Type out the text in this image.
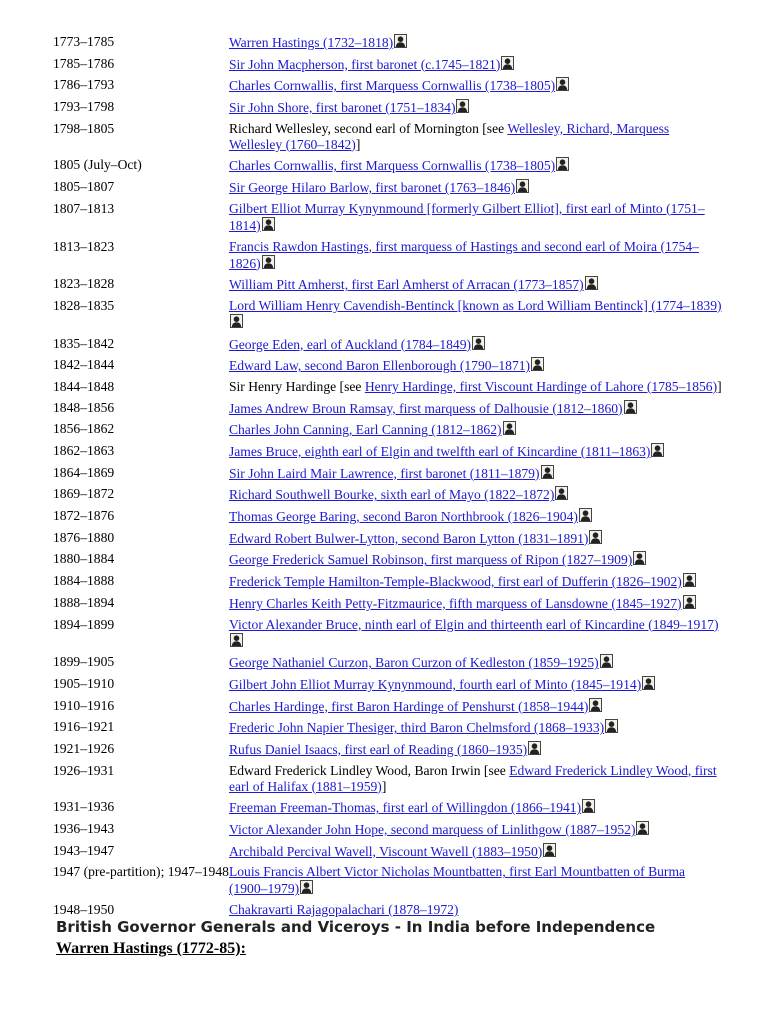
1773–1785	Warren Hastings (1732–1818)

1785–1786	Sir John Macpherson, first baronet (c.1745–1821)

1786–1793	Charles Cornwallis, first Marquess Cornwallis (1738–1805)

1793–1798	Sir John Shore, first baronet (1751–1834)

1798–1805	Richard Wellesley, second earl of Mornington [see Wellesley, Richard, Marquess Wellesley (1760–1842)]
1805 (July–Oct)	Charles Cornwallis, first Marquess Cornwallis (1738–1805)

1805–1807	Sir George Hilaro Barlow, first baronet (1763–1846)

1807–1813	Gilbert Elliot Murray Kynynmound [formerly Gilbert Elliot], first earl of Minto (1751–1814)

1813–1823	Francis Rawdon Hastings, first marquess of Hastings and second earl of Moira (1754–1826)

1823–1828	William Pitt Amherst, first Earl Amherst of Arracan (1773–1857)

1828–1835	Lord William Henry Cavendish-Bentinck [known as Lord William Bentinck] (1774–1839)

1835–1842	George Eden, earl of Auckland (1784–1849)

1842–1844	Edward Law, second Baron Ellenborough (1790–1871)

1844–1848	Sir Henry Hardinge [see Henry Hardinge, first Viscount Hardinge of Lahore (1785–1856)]
1848–1856	James Andrew Broun Ramsay, first marquess of Dalhousie (1812–1860)

1856–1862	Charles John Canning, Earl Canning (1812–1862)

1862–1863	James Bruce, eighth earl of Elgin and twelfth earl of Kincardine (1811–1863)

1864–1869	Sir John Laird Mair Lawrence, first baronet (1811–1879)

1869–1872	Richard Southwell Bourke, sixth earl of Mayo (1822–1872)

1872–1876	Thomas George Baring, second Baron Northbrook (1826–1904)

1876–1880	Edward Robert Bulwer-Lytton, second Baron Lytton (1831–1891)

1880–1884	George Frederick Samuel Robinson, first marquess of Ripon (1827–1909)

1884–1888	Frederick Temple Hamilton-Temple-Blackwood, first earl of Dufferin (1826–1902)

1888–1894	Henry Charles Keith Petty-Fitzmaurice, fifth marquess of Lansdowne (1845–1927)

1894–1899	Victor Alexander Bruce, ninth earl of Elgin and thirteenth earl of Kincardine (1849–1917)

1899–1905	George Nathaniel Curzon, Baron Curzon of Kedleston (1859–1925)

1905–1910	Gilbert John Elliot Murray Kynynmound, fourth earl of Minto (1845–1914)

1910–1916	Charles Hardinge, first Baron Hardinge of Penshurst (1858–1944)

1916–1921	Frederic John Napier Thesiger, third Baron Chelmsford (1868–1933)

1921–1926	Rufus Daniel Isaacs, first earl of Reading (1860–1935)

1926–1931	Edward Frederick Lindley Wood, Baron Irwin [see Edward Frederick Lindley Wood, first earl of Halifax (1881–1959)]
1931–1936	Freeman Freeman-Thomas, first earl of Willingdon (1866–1941)

1936–1943	Victor Alexander John Hope, second marquess of Linlithgow (1887–1952)

1943–1947	Archibald Percival Wavell, Viscount Wavell (1883–1950)

1947 (pre-partition); 1947–1948	Louis Francis Albert Victor Nicholas Mountbatten, first Earl Mountbatten of Burma (1900–1979)

1948–1950	Chakravarti Rajagopalachari (1878–1972)
British Governor Generals and Viceroys - In India before Independence
Warren Hastings (1772-85):
